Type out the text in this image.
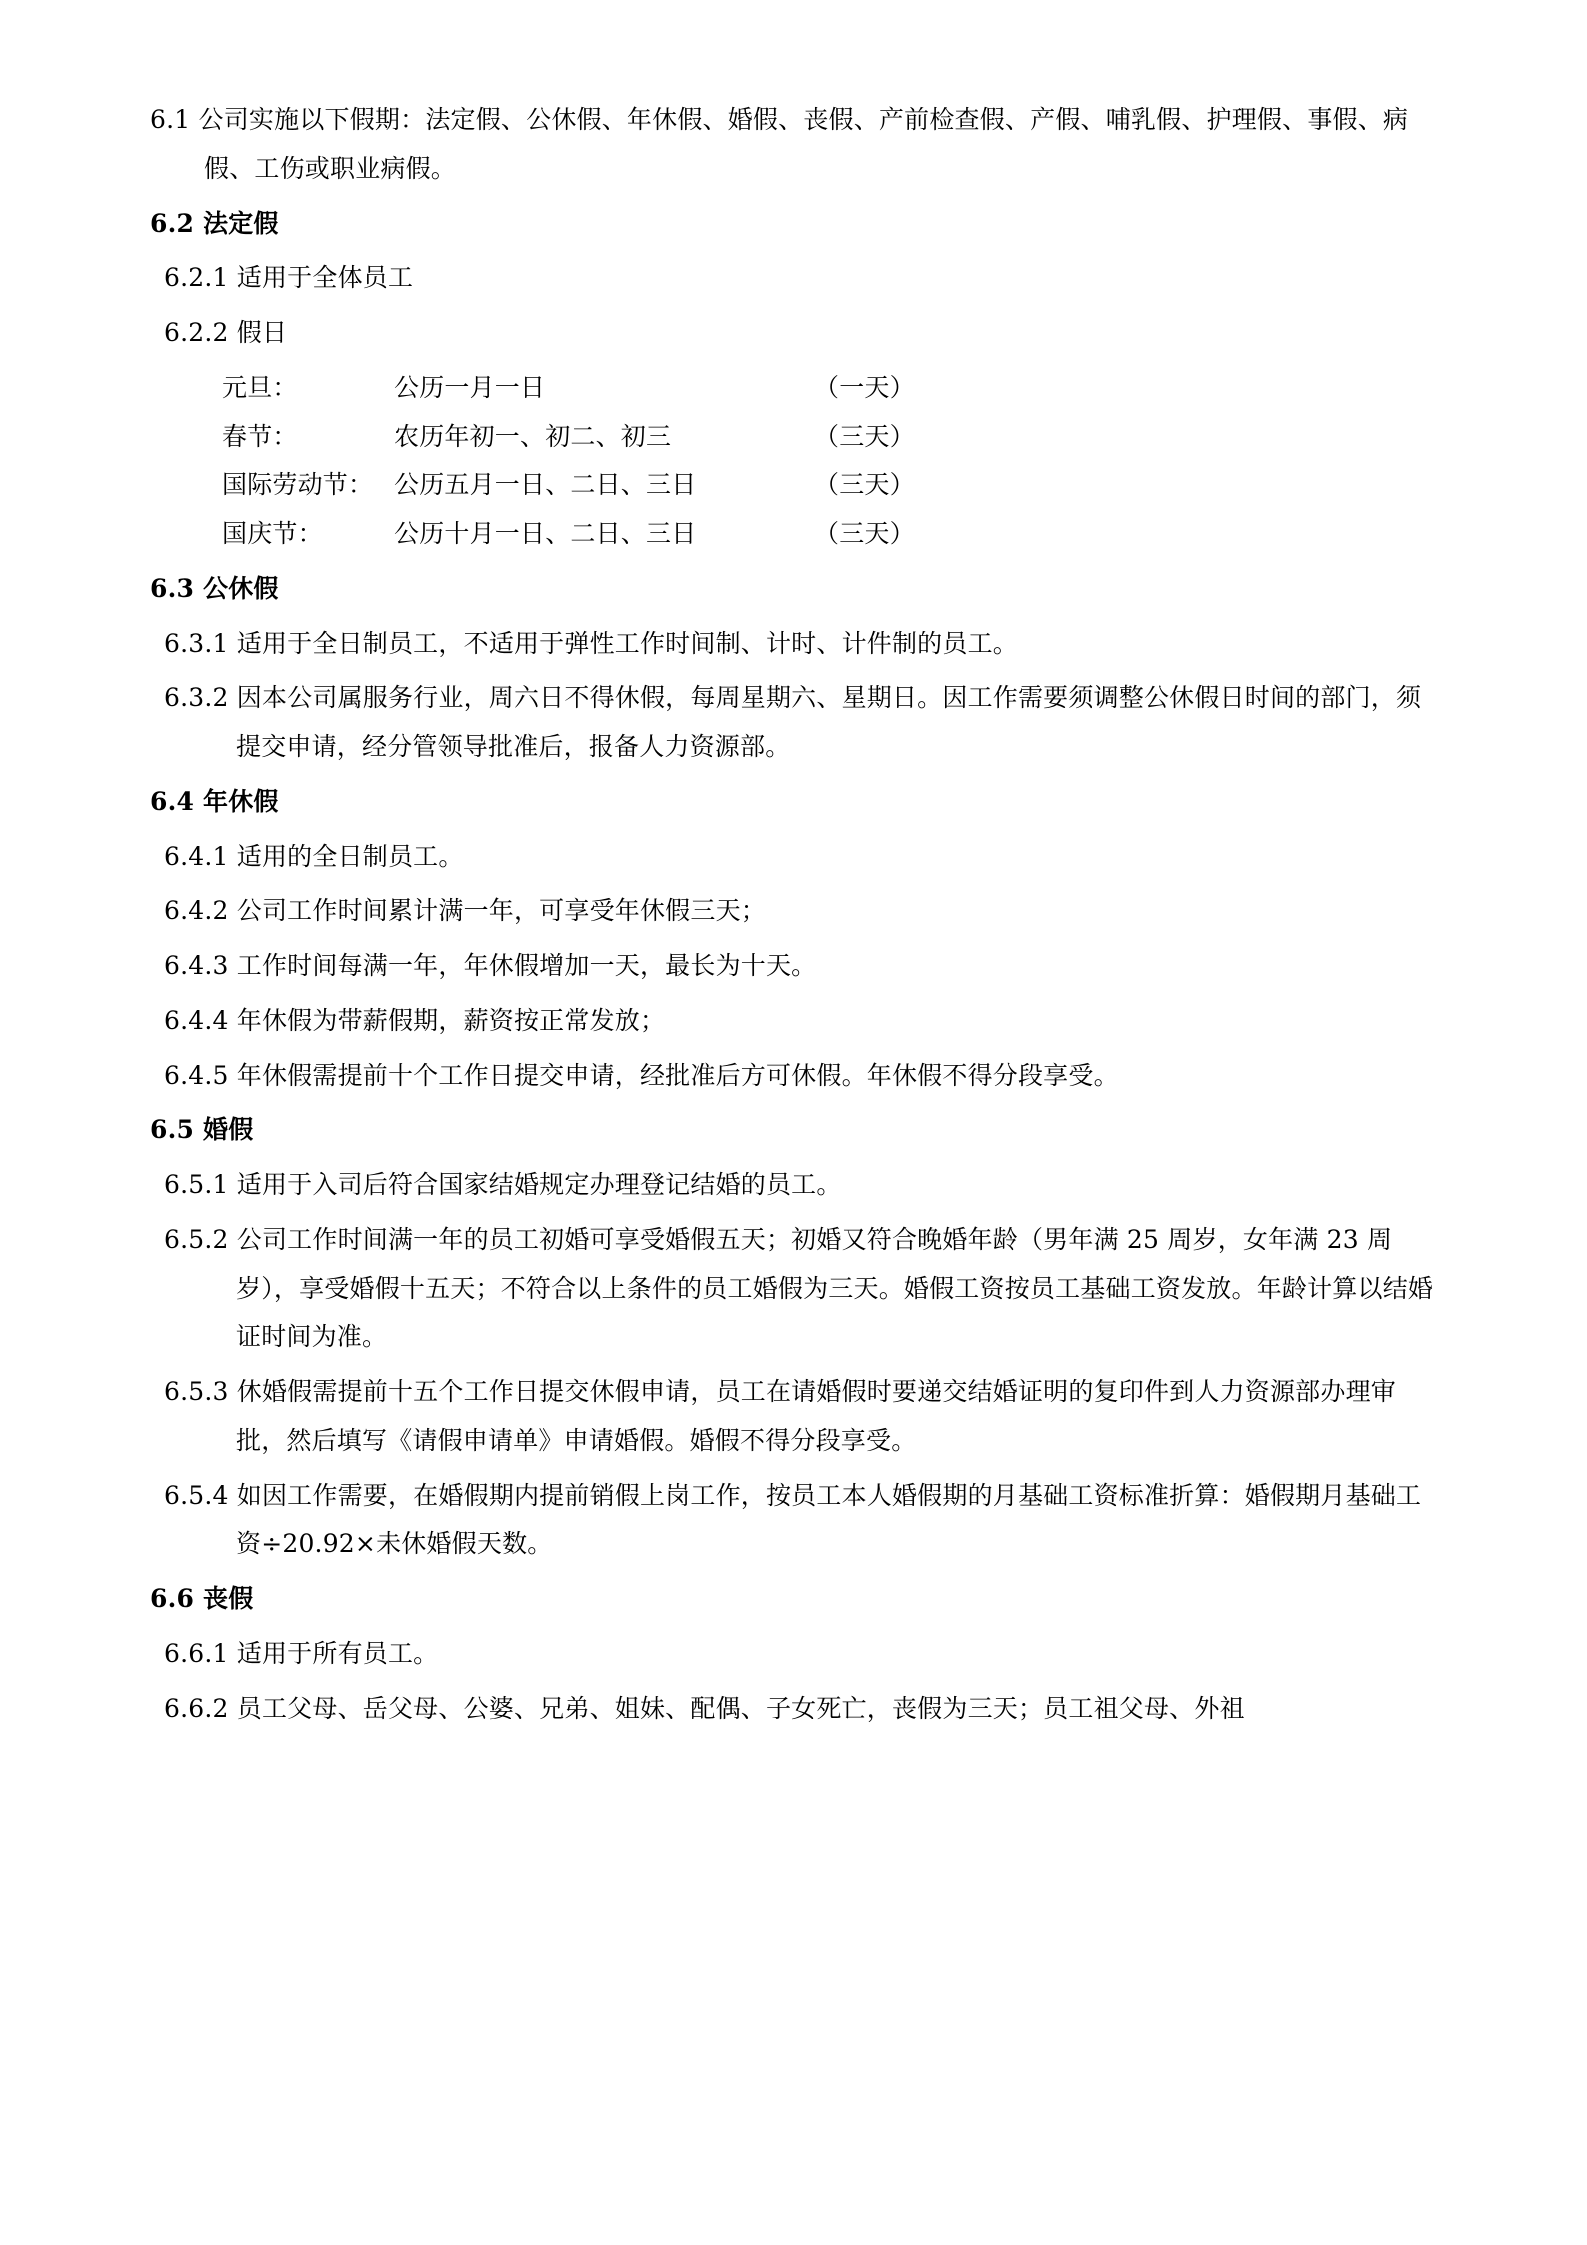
6.1 公司实施以下假期：法定假、公休假、年休假、婚假、丧假、产前检查假、产假、哺乳假、护理假、事假、病假、工伤或职业病假。

6.2 法定假

6.2.1 适用于全体员工

6.2.2 假日

元旦：	公历一月一日	（一天）
春节：	农历年初一、初二、初三	（三天）
国际劳动节： 公历五月一日、二日、三日	（三天）
国庆节：	公历十月一日、二日、三日	（三天）

6.3 公休假

6.3.1 适用于全日制员工，不适用于弹性工作时间制、计时、计件制的员工。

6.3.2 因本公司属服务行业，周六日不得休假，每周星期六、星期日。因工作需要须调整公休假日时间的部门，须提交申请，经分管领导批准后，报备人力资源部。

6.4 年休假

6.4.1 适用的全日制员工。

6.4.2 公司工作时间累计满一年，可享受年休假三天；

6.4.3 工作时间每满一年，年休假增加一天，最长为十天。

6.4.4 年休假为带薪假期，薪资按正常发放；

6.4.5 年休假需提前十个工作日提交申请，经批准后方可休假。年休假不得分段享受。

6.5 婚假

6.5.1 适用于入司后符合国家结婚规定办理登记结婚的员工。

6.5.2 公司工作时间满一年的员工初婚可享受婚假五天；初婚又符合晚婚年龄（男年满 25 周岁，女年满 23 周岁），享受婚假十五天；不符合以上条件的员工婚假为三天。婚假工资按员工基础工资发放。年龄计算以结婚证时间为准。

6.5.3 休婚假需提前十五个工作日提交休假申请，员工在请婚假时要递交结婚证明的复印件到人力资源部办理审批，然后填写《请假申请单》申请婚假。婚假不得分段享受。

6.5.4 如因工作需要，在婚假期内提前销假上岗工作，按员工本人婚假期的月基础工资标准折算：婚假期月基础工资÷20.92×未休婚假天数。

6.6 丧假

6.6.1 适用于所有员工。

6.6.2 员工父母、岳父母、公婆、兄弟、姐妹、配偶、子女死亡，丧假为三天；员工祖父母、外祖
